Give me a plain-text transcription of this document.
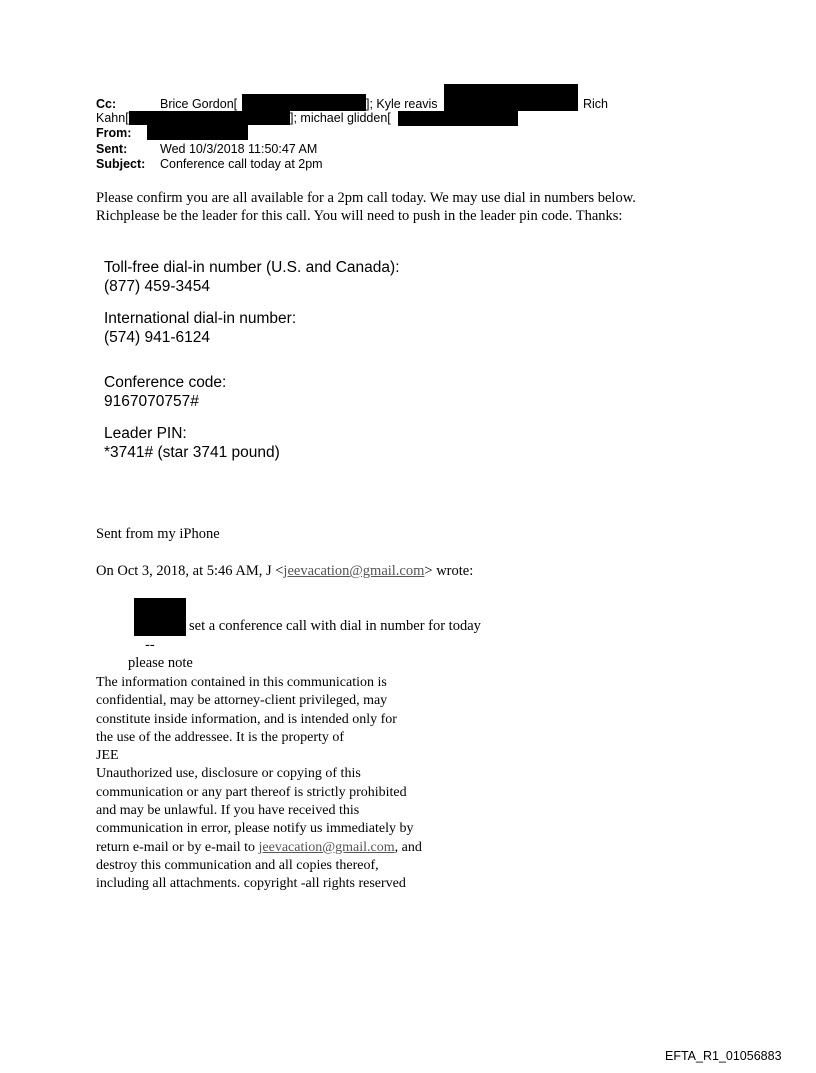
Cc:	Brice Gordon[	]; Kyle reavis	Rich
Kahn[	]; michael glidden[
From:
Sent:	Wed 10/3/2018 11:50:47 AM
Subject: Conference call today at 2pm
Please confirm you are all available for a 2pm call today. We may use dial in numbers below.
Richplease be the leader for this call. You will need to push in the leader pin code. Thanks:
Toll-free dial-in number (U.S. and Canada):
(877) 459-3454
International dial-in number:
(574) 941-6124
Conference code:
9167070757#
Leader PIN:
*3741# (star 3741 pound)
Sent from my iPhone
On Oct 3, 2018, at 5:46 AM, J <jeevacation@gmail.com> wrote:
set a conference call with dial in number for today
--
please note
The information contained in this communication is
confidential, may be attorney-client privileged, may
constitute inside information, and is intended only for
the use of the addressee. It is the property of
JEE
Unauthorized use, disclosure or copying of this
communication or any part thereof is strictly prohibited
and may be unlawful. If you have received this
communication in error, please notify us immediately by
return e-mail or by e-mail to jeevacation@gmail.com, and
destroy this communication and all copies thereof,
including all attachments. copyright -all rights reserved
EFTA_R1_01056883
